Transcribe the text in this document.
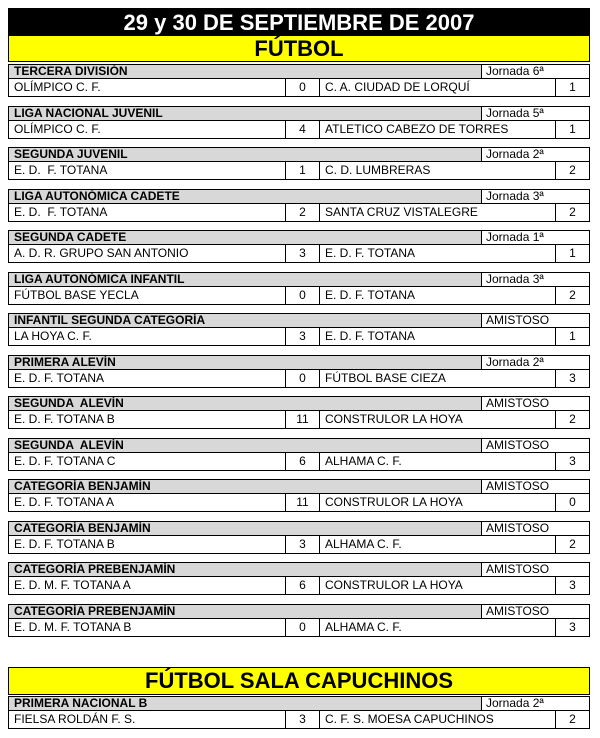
29 y 30 DE SEPTIEMBRE DE 2007
FÚTBOL
TERCERA DIVISIÓN	Jornada 6ª
OLÍMPICO C. F.	0	C. A. CIUDAD DE LORQUÍ	1
LIGA NACIONAL JUVENIL	Jornada 5ª
OLÍMPICO C. F.	4	ATLETICO CABEZO DE TORRES	1
SEGUNDA JUVENIL	Jornada 2ª
E. D.  F. TOTANA	1	C. D. LUMBRERAS	2
LIGA AUTONÓMICA CADETE	Jornada 3ª
E. D.  F. TOTANA	2	SANTA CRUZ VISTALEGRE	2
SEGUNDA CADETE	Jornada 1ª
A. D. R. GRUPO SAN ANTONIO	3	E. D. F. TOTANA	1
LIGA AUTONÓMICA INFANTIL	Jornada 3ª
FÚTBOL BASE YECLA	0	E. D. F. TOTANA	2
INFANTIL SEGUNDA CATEGORÍA	AMISTOSO
LA HOYA C. F.	3	E. D. F. TOTANA	1
PRIMERA ALEVÍN	Jornada 2ª
E. D. F. TOTANA	0	FÚTBOL BASE CIEZA	3
SEGUNDA  ALEVÍN	AMISTOSO
E. D. F. TOTANA B	11	CONSTRULOR LA HOYA	2
SEGUNDA  ALEVÍN	AMISTOSO
E. D. F. TOTANA C	6	ALHAMA C. F.	3
CATEGORÍA BENJAMÍN	AMISTOSO
E. D. F. TOTANA A	11	CONSTRULOR LA HOYA	0
CATEGORÍA BENJAMÍN	AMISTOSO
E. D. F. TOTANA B	3	ALHAMA C. F.	2
CATEGORÍA PREBENJAMÍN	AMISTOSO
E. D. M. F. TOTANA A	6	CONSTRULOR LA HOYA	3
CATEGORÍA PREBENJAMÍN	AMISTOSO
E. D. M. F. TOTANA B	0	ALHAMA C. F.	3
FÚTBOL SALA CAPUCHINOS
PRIMERA NACIONAL B	Jornada 2ª
FIELSA ROLDÁN F. S.	3	C. F. S. MOESA CAPUCHINOS	2
